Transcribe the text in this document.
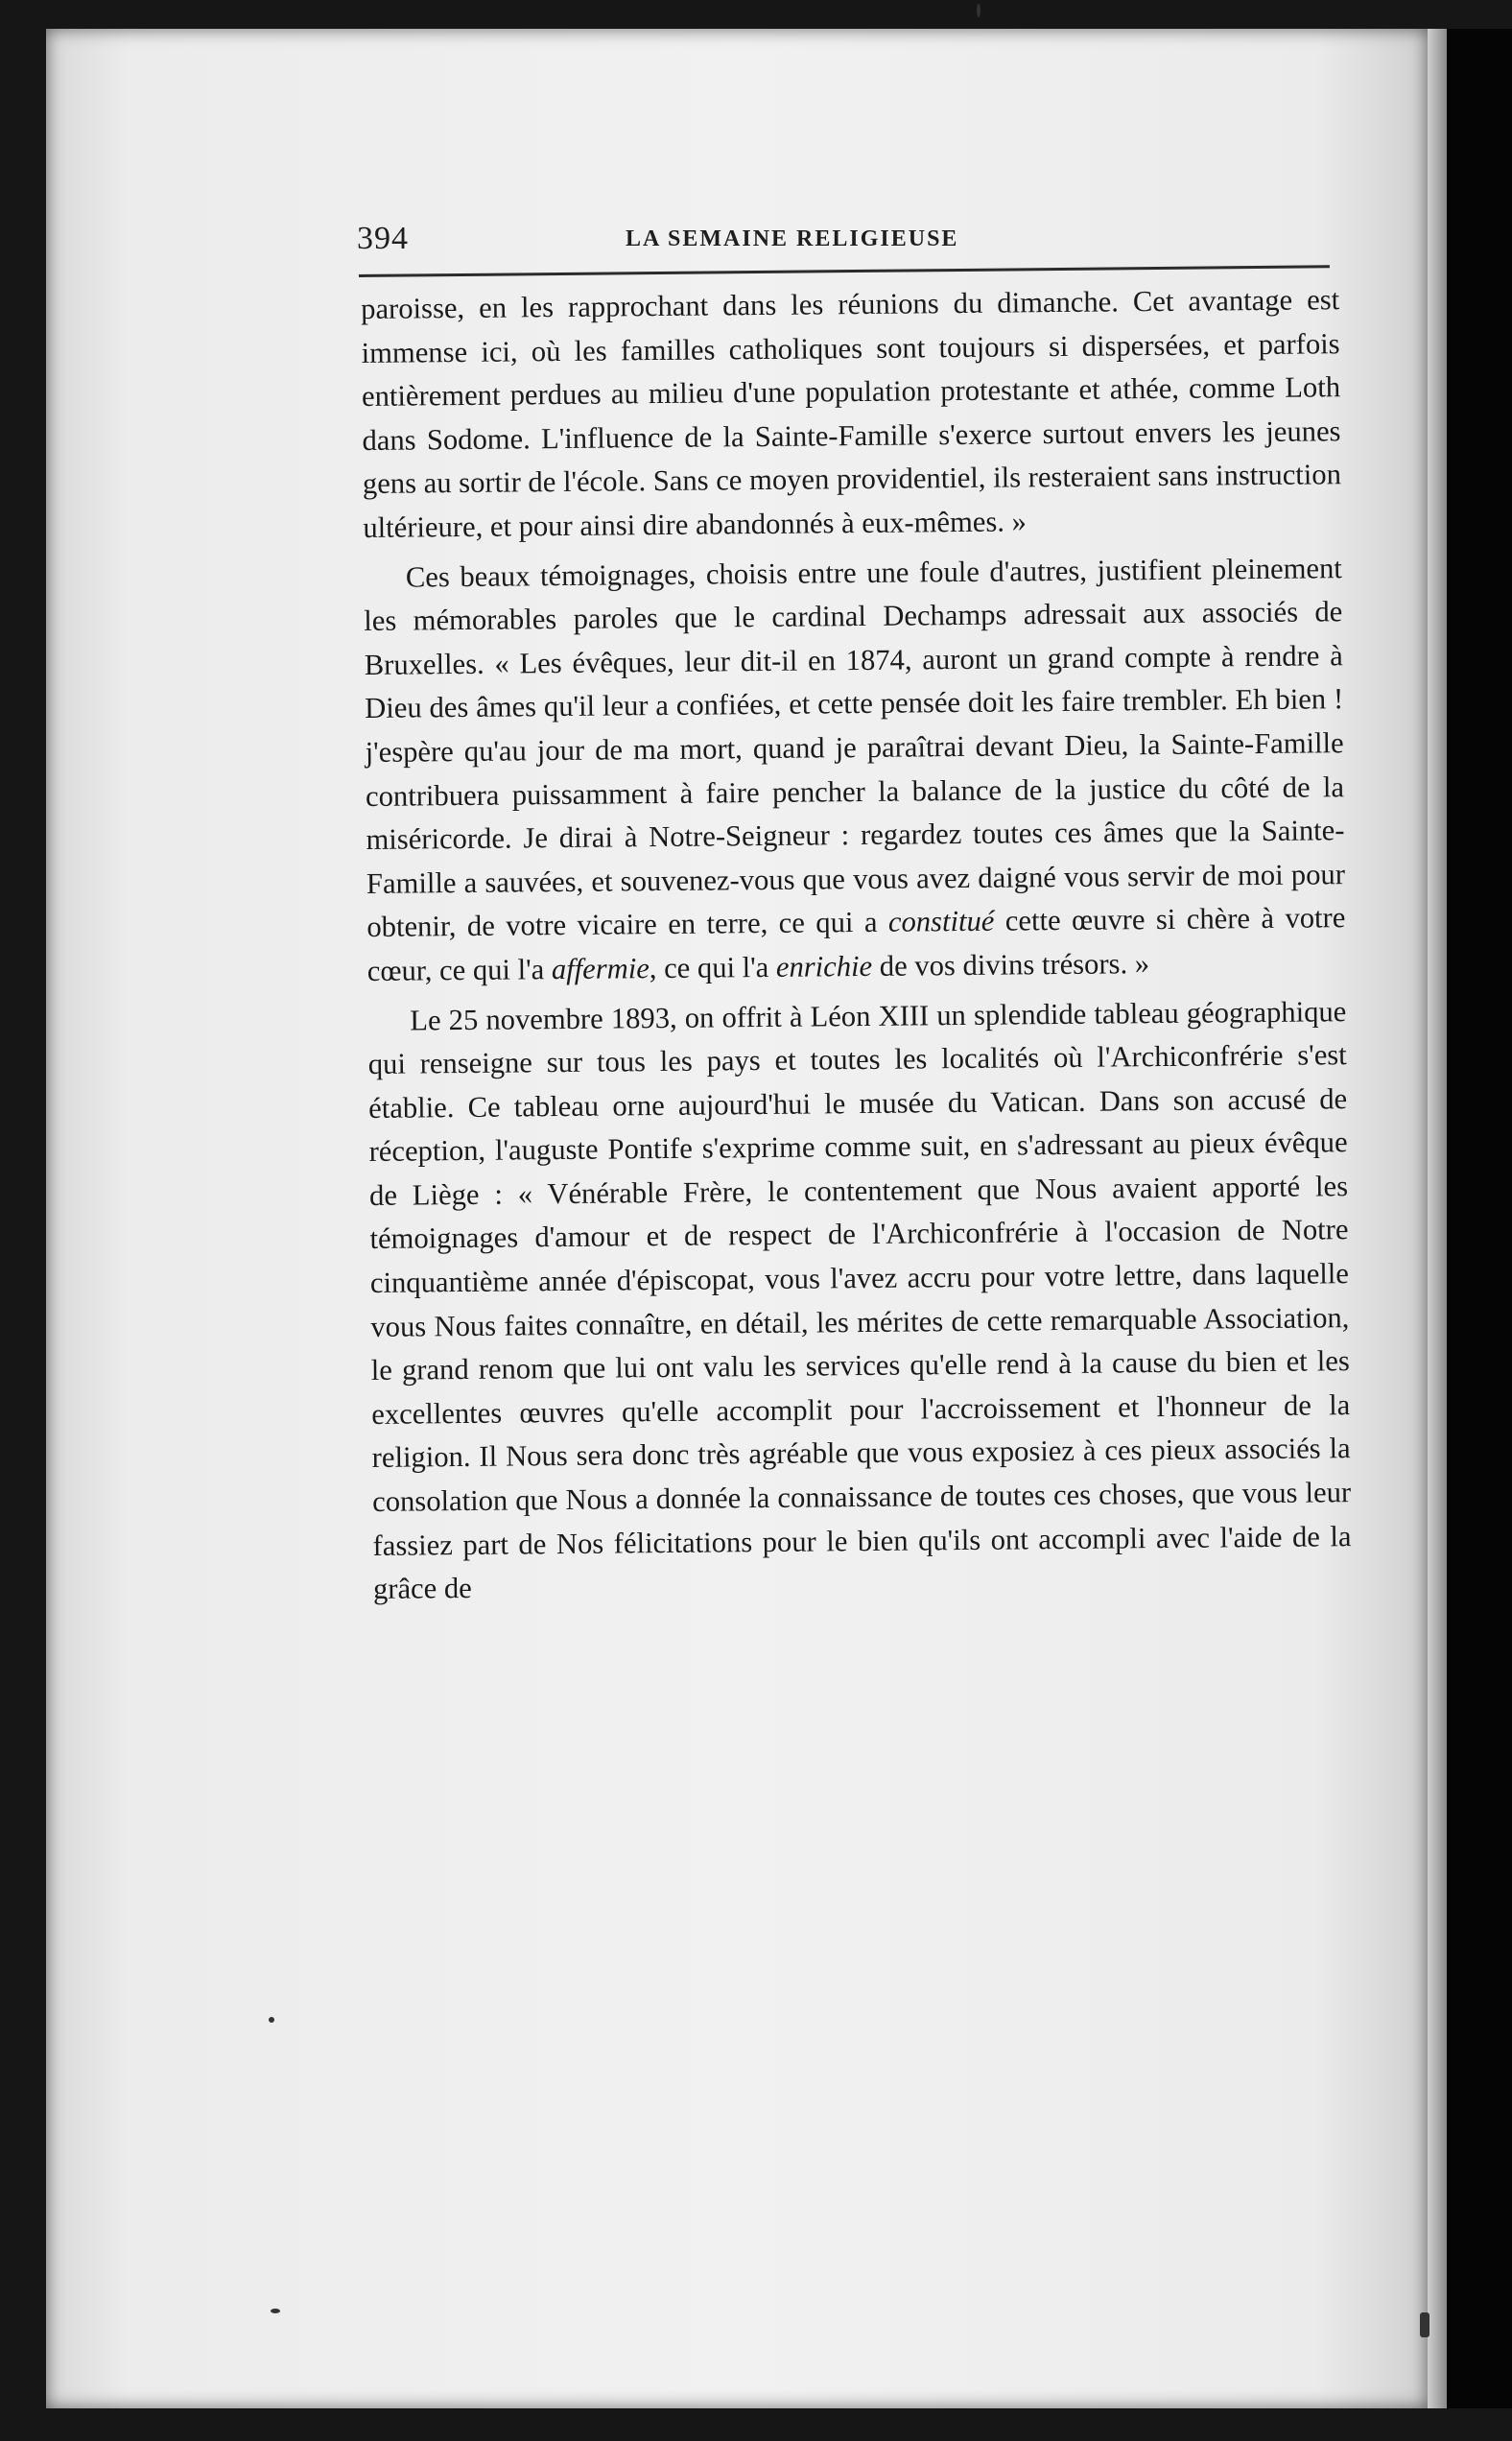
394	LA SEMAINE RELIGIEUSE

paroisse, en les rapprochant dans les réunions du dimanche. Cet avantage est immense ici, où les familles catholiques sont toujours si dispersées, et parfois entièrement perdues au milieu d'une population protestante et athée, comme Loth dans Sodome. L'influence de la Sainte-Famille s'exerce surtout envers les jeunes gens au sortir de l'école. Sans ce moyen providentiel, ils resteraient sans instruction ultérieure, et pour ainsi dire abandonnés à eux-mêmes. »

Ces beaux témoignages, choisis entre une foule d'autres, justifient pleinement les mémorables paroles que le cardinal Dechamps adressait aux associés de Bruxelles. « Les évêques, leur dit-il en 1874, auront un grand compte à rendre à Dieu des âmes qu'il leur a confiées, et cette pensée doit les faire trembler. Eh bien ! j'espère qu'au jour de ma mort, quand je paraîtrai devant Dieu, la Sainte-Famille contribuera puissamment à faire pencher la balance de la justice du côté de la miséricorde. Je dirai à Notre-Seigneur : regardez toutes ces âmes que la Sainte-Famille a sauvées, et souvenez-vous que vous avez daigné vous servir de moi pour obtenir, de votre vicaire en terre, ce qui a constitué cette œuvre si chère à votre cœur, ce qui l'a affermie, ce qui l'a enrichie de vos divins trésors. »

Le 25 novembre 1893, on offrit à Léon XIII un splendide tableau géographique qui renseigne sur tous les pays et toutes les localités où l'Archiconfrérie s'est établie. Ce tableau orne aujourd'hui le musée du Vatican. Dans son accusé de réception, l'auguste Pontife s'exprime comme suit, en s'adressant au pieux évêque de Liège : « Vénérable Frère, le contentement que Nous avaient apporté les témoignages d'amour et de respect de l'Archiconfrérie à l'occasion de Notre cinquantième année d'épiscopat, vous l'avez accru pour votre lettre, dans laquelle vous Nous faites connaître, en détail, les mérites de cette remarquable Association, le grand renom que lui ont valu les services qu'elle rend à la cause du bien et les excellentes œuvres qu'elle accomplit pour l'accroissement et l'honneur de la religion. Il Nous sera donc très agréable que vous exposiez à ces pieux associés la consolation que Nous a donnée la connaissance de toutes ces choses, que vous leur fassiez part de Nos félicitations pour le bien qu'ils ont accompli avec l'aide de la grâce de
